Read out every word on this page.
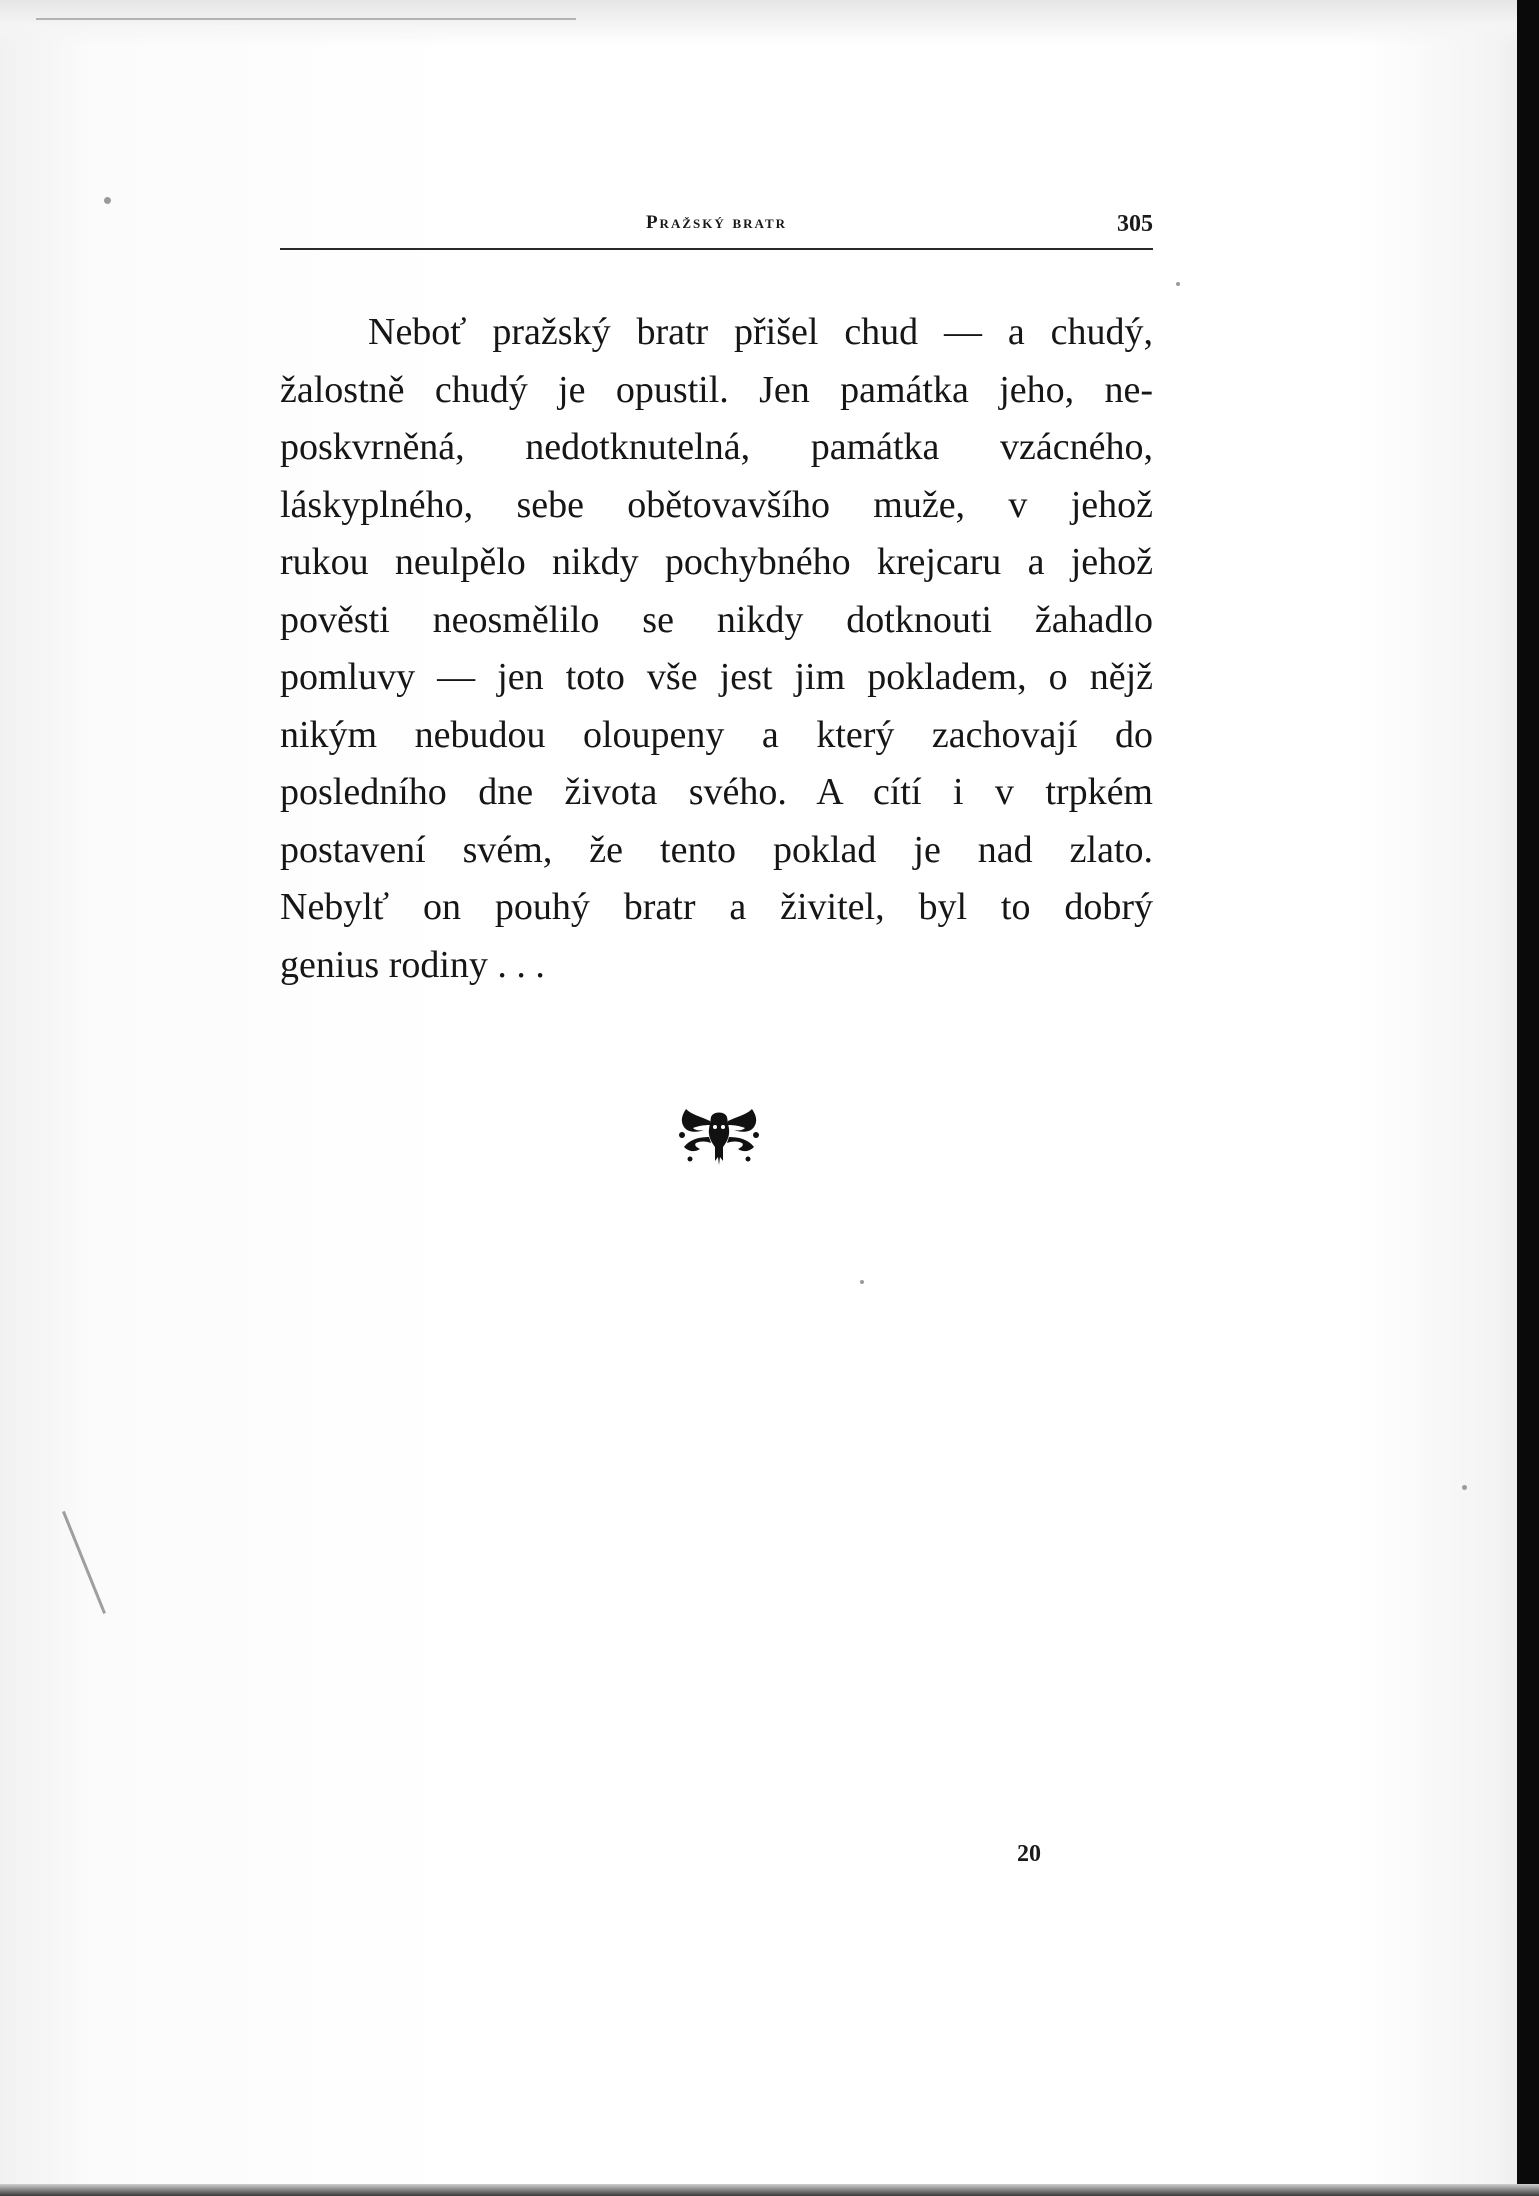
Pražský bratr	305
Neboť pražský bratr přišel chud — a chudý,
žalostně chudý je opustil. Jen památka jeho, ne-
poskvrněná, nedotknutelná, památka vzácného,
láskyplného, sebe obětovavšího muže, v jehož
rukou neulpělo nikdy pochybného krejcaru a jehož
pověsti neosmělilo se nikdy dotknouti žahadlo
pomluvy — jen toto vše jest jim pokladem, o nějž
nikým nebudou oloupeny a který zachovají do
posledního dne života svého. A cítí i v trpkém
postavení svém, že tento poklad je nad zlato.
Nebylť on pouhý bratr a živitel, byl to dobrý
genius rodiny . . .
20
